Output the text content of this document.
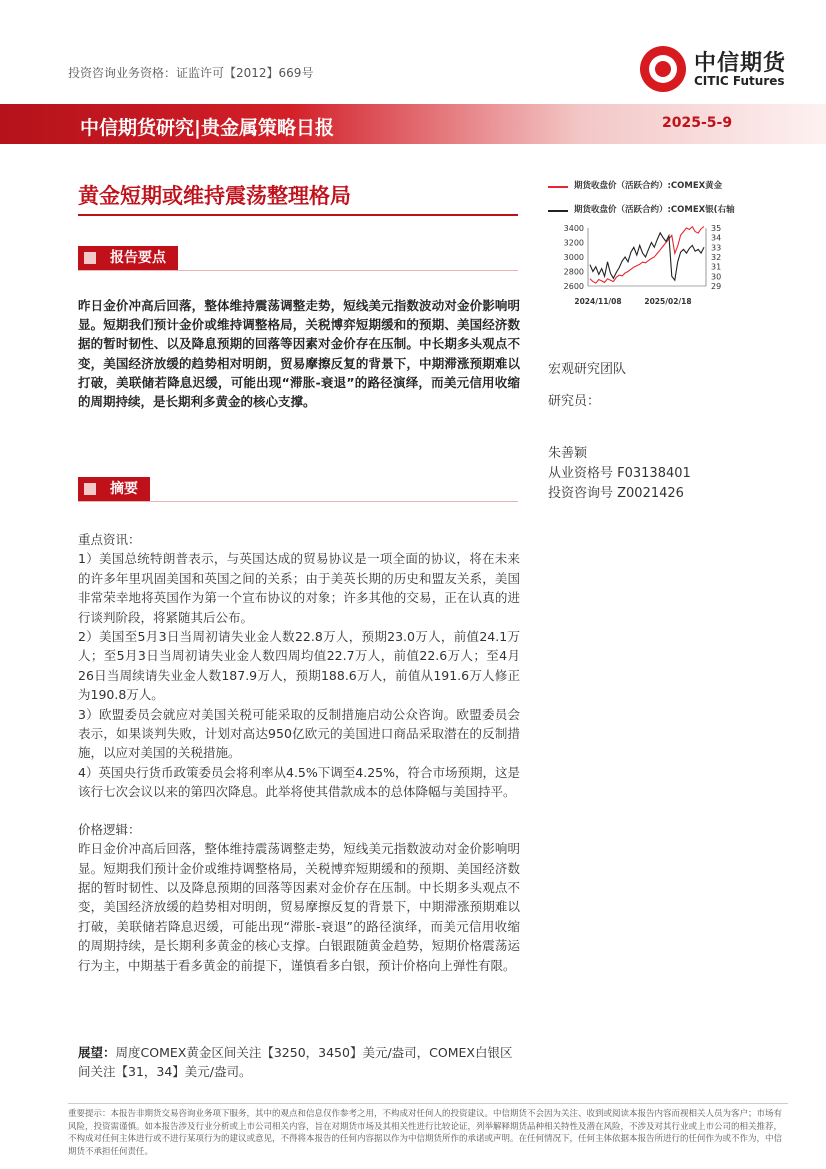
投资咨询业务资格：证监许可【2012】669号	中信期货
CITIC Futures
中信期货研究|贵金属策略日报	2025-5-9
黄金短期或维持震荡整理格局
报告要点
昨日金价冲高后回落，整体维持震荡调整走势，短线美元指数波动对金价影响明显。短期我们预计金价或维持调整格局，关税博弈短期缓和的预期、美国经济数据的暂时韧性、以及降息预期的回落等因素对金价存在压制。中长期多头观点不变，美国经济放缓的趋势相对明朗，贸易摩擦反复的背景下，中期滞涨预期难以打破，美联储若降息迟缓，可能出现“滞胀-衰退”的路径演绎，而美元信用收缩的周期持续，是长期利多黄金的核心支撑。
摘要

重点资讯：

1）美国总统特朗普表示，与英国达成的贸易协议是一项全面的协议，将在未来的许多年里巩固美国和英国之间的关系；由于美英长期的历史和盟友关系，美国非常荣幸地将英国作为第一个宣布协议的对象；许多其他的交易，正在认真的进行谈判阶段，将紧随其后公布。

2）美国至5月3日当周初请失业金人数22.8万人，预期23.0万人，前值24.1万人；至5月3日当周初请失业金人数四周均值22.7万人，前值22.6万人；至4月26日当周续请失业金人数187.9万人，预期188.6万人，前值从191.6万人修正为190.8万人。

3）欧盟委员会就应对美国关税可能采取的反制措施启动公众咨询。欧盟委员会表示，如果谈判失败，计划对高达950亿欧元的美国进口商品采取潜在的反制措施，以应对美国的关税措施。

4）英国央行货币政策委员会将利率从4.5%下调至4.25%，符合市场预期，这是该行七次会议以来的第四次降息。此举将使其借款成本的总体降幅与美国持平。

价格逻辑：

昨日金价冲高后回落，整体维持震荡调整走势，短线美元指数波动对金价影响明显。短期我们预计金价或维持调整格局，关税博弈短期缓和的预期、美国经济数据的暂时韧性、以及降息预期的回落等因素对金价存在压制。中长期多头观点不变，美国经济放缓的趋势相对明朗，贸易摩擦反复的背景下，中期滞涨预期难以打破，美联储若降息迟缓，可能出现“滞胀-衰退”的路径演绎，而美元信用收缩的周期持续，是长期利多黄金的核心支撑。白银跟随黄金趋势，短期价格震荡运行为主，中期基于看多黄金的前提下，谨慎看多白银，预计价格向上弹性有限。

展望：周度COMEX黄金区间关注【3250，3450】美元/盎司，COMEX白银区间关注【31，34】美元/盎司。
期货收盘价（活跃合约）:COMEX黄金
期货收盘价（活跃合约）:COMEX银(右轴
3400
3200
3000
2800
2600
35
34
33
32
31
30
29
2024/11/08	2025/02/18
宏观研究团队
研究员：
朱善颖
从业资格号 F03138401
投资咨询号 Z0021426
重要提示：本报告非期货交易咨询业务项下服务，其中的观点和信息仅作参考之用，不构成对任何人的投资建议。中信期货不会因为关注、收到或阅读本报告内容而视相关人员为客户；市场有风险，投资需谨慎。如本报告涉及行业分析或上市公司相关内容，旨在对期货市场及其相关性进行比较论证，列举解释期货品种相关特性及潜在风险，不涉及对其行业或上市公司的相关推荐，不构成对任何主体进行或不进行某项行为的建议或意见，不得将本报告的任何内容据以作为中信期货所作的承诺或声明。在任何情况下，任何主体依据本报告所进行的任何作为或不作为，中信期货不承担任何责任。
